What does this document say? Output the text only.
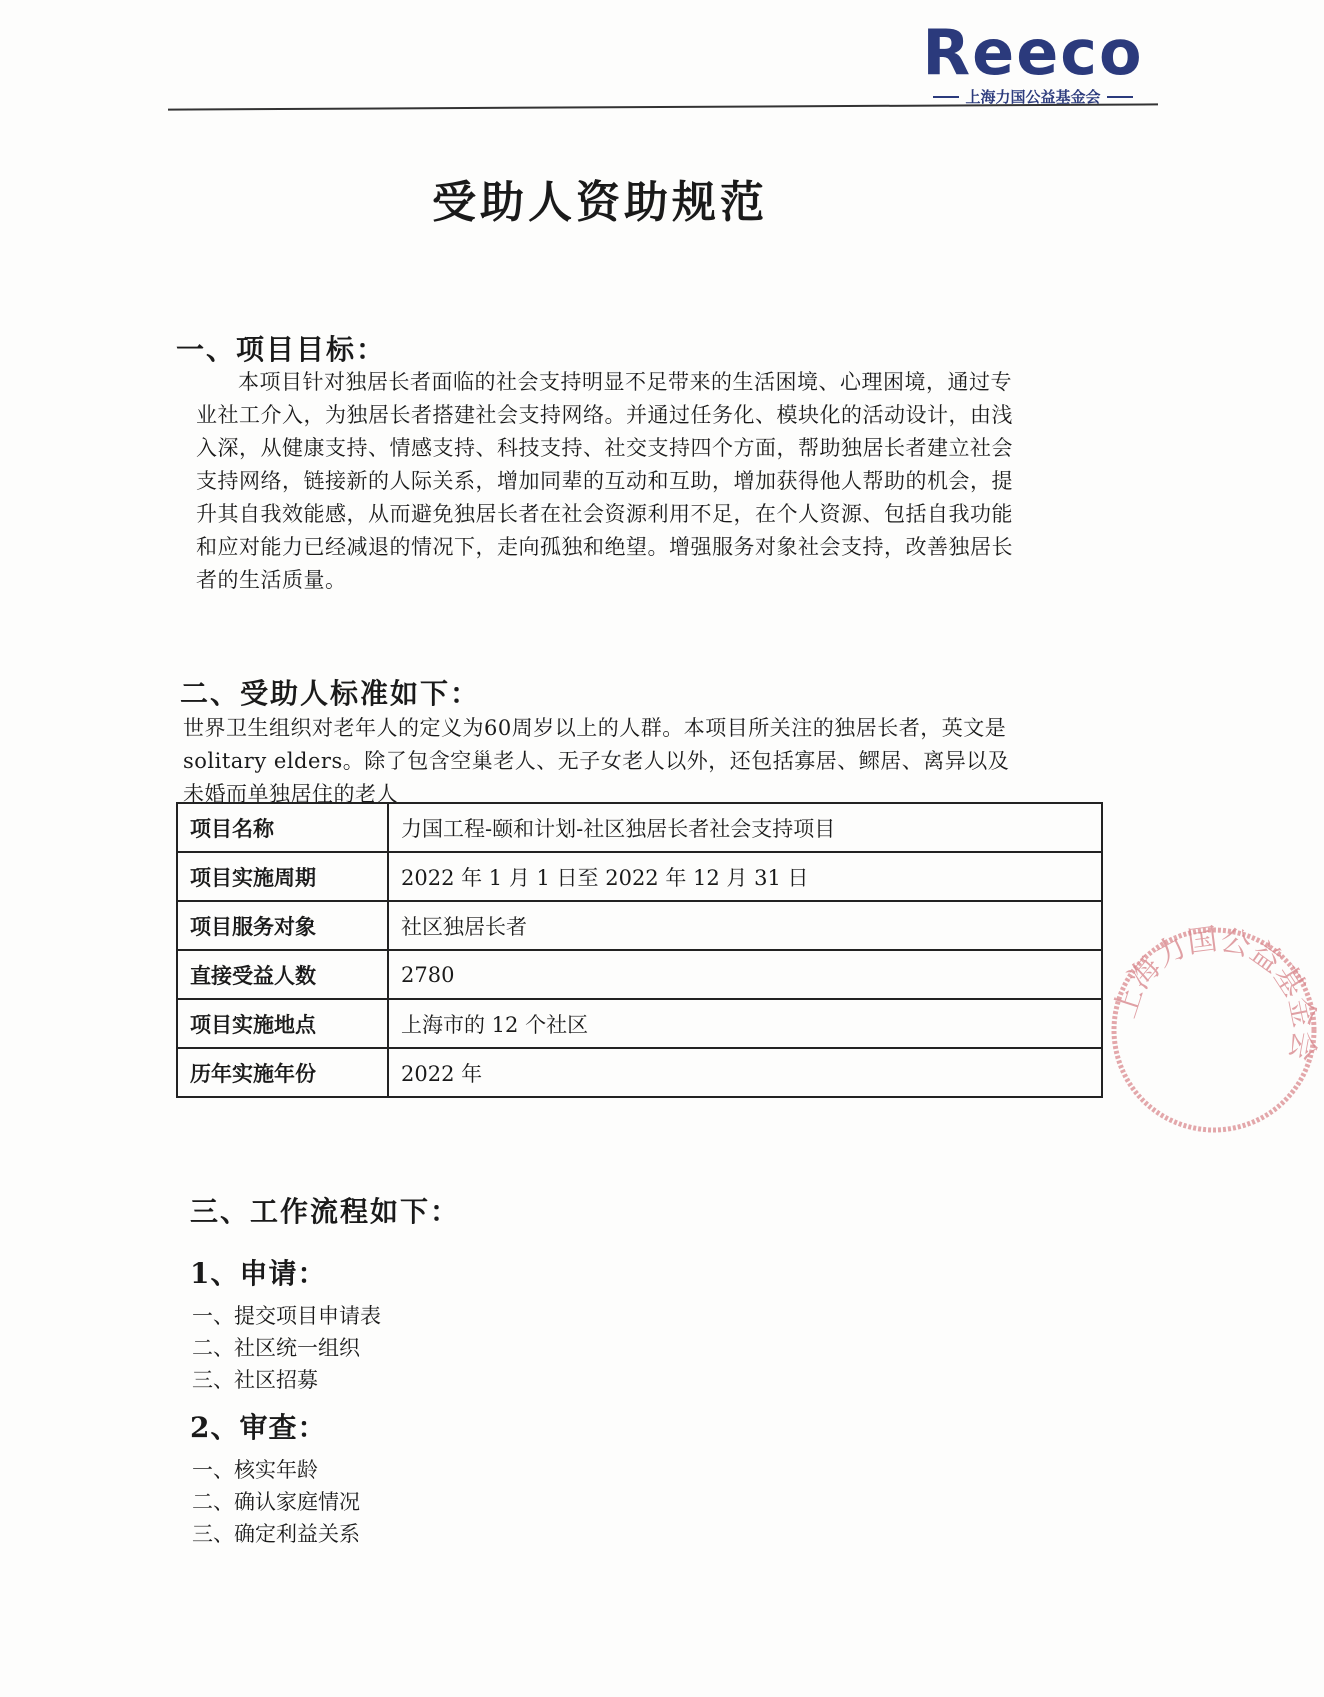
Reeco
上海力国公益基金会
受助人资助规范
一、项目目标：
本项目针对独居长者面临的社会支持明显不足带来的生活困境、心理困境，通过专业社工介入，为独居长者搭建社会支持网络。并通过任务化、模块化的活动设计，由浅入深，从健康支持、情感支持、科技支持、社交支持四个方面，帮助独居长者建立社会支持网络，链接新的人际关系，增加同辈的互动和互助，增加获得他人帮助的机会，提升其自我效能感，从而避免独居长者在社会资源利用不足，在个人资源、包括自我功能和应对能力已经减退的情况下，走向孤独和绝望。增强服务对象社会支持，改善独居长者的生活质量。
二、受助人标准如下：
世界卫生组织对老年人的定义为60周岁以上的人群。本项目所关注的独居长者，英文是 solitary elders。除了包含空巢老人、无子女老人以外，还包括寡居、鳏居、离异以及未婚而单独居住的老人
项目名称	力国工程-颐和计划-社区独居长者社会支持项目
项目实施周期	2022 年 1 月 1 日至 2022 年 12 月 31 日
项目服务对象	社区独居长者
直接受益人数	2780
项目实施地点	上海市的 12 个社区
历年实施年份	2022 年
三、工作流程如下：
1、申请：
一、提交项目申请表
二、社区统一组织
三、社区招募
2、审查：
一、核实年龄
二、确认家庭情况
三、确定利益关系
上海力国公益基金会
